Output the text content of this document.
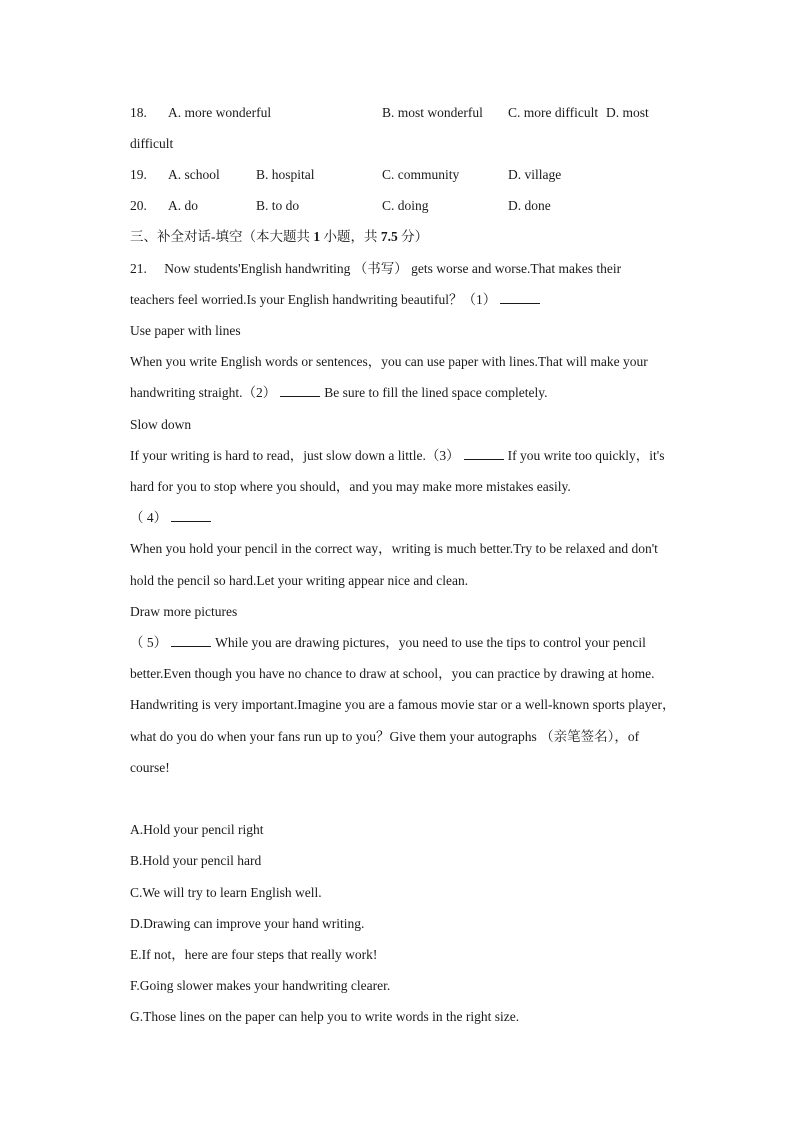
18. A. more wonderful	B. most wonderful C. more difficult D. most
difficult
19. A. school	B. hospital	C. community	D. village
20. A. do	B. to do	C. doing	D. done
三、补全对话-填空（本大题共 1 小题，共 7.5 分）
21. Now students'English handwriting （书写） gets worse and worse.That makes their
teachers feel worried.Is your English handwriting beautiful？（1）
Use paper with lines
When you write English words or sentences，you can use paper with lines.That will make your
handwriting straight.（2）	Be sure to fill the lined space completely.
Slow down
If your writing is hard to read，just slow down a little.（3）	If you write too quickly，it's
hard for you to stop where you should，and you may make more mistakes easily.
（ 4）
When you hold your pencil in the correct way，writing is much better.Try to be relaxed and don't
hold the pencil so hard.Let your writing appear nice and clean.
Draw more pictures
（ 5）	While you are drawing pictures，you need to use the tips to control your pencil
better.Even though you have no chance to draw at school，you can practice by drawing at home.
Handwriting is very important.Imagine you are a famous movie star or a well-known sports player，
what do you do when your fans run up to you？Give them your autographs （亲笔签名），of
course!
A.Hold your pencil right
B.Hold your pencil hard
C.We will try to learn English well.
D.Drawing can improve your hand writing.
E.If not，here are four steps that really work!
F.Going slower makes your handwriting clearer.
G.Those lines on the paper can help you to write words in the right size.
